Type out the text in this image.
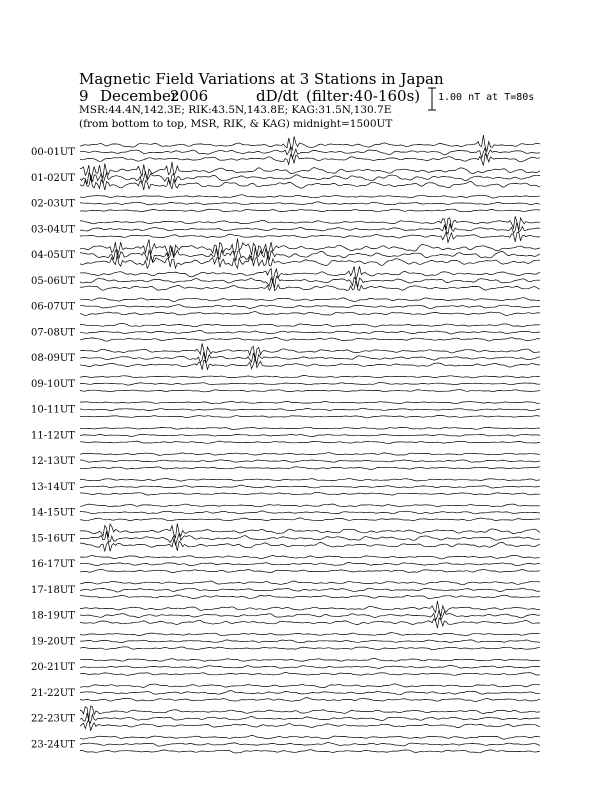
Magnetic Field Variations at 3 Stations in Japan
9 December
2006	dD/dt (filter:40-160s)
MSR:44.4N,142.3E; RIK:43.5N,143.8E; KAG:31.5N,130.7E
(from bottom to top, MSR, RIK, & KAG) midnight=1500UT
1.00 nT at T=80s
00-01UT
01-02UT
02-03UT
03-04UT
04-05UT
05-06UT
06-07UT
07-08UT
08-09UT
09-10UT
10-11UT
11-12UT
12-13UT
13-14UT
14-15UT
15-16UT
16-17UT
17-18UT
18-19UT
19-20UT
20-21UT
21-22UT
22-23UT
23-24UT
